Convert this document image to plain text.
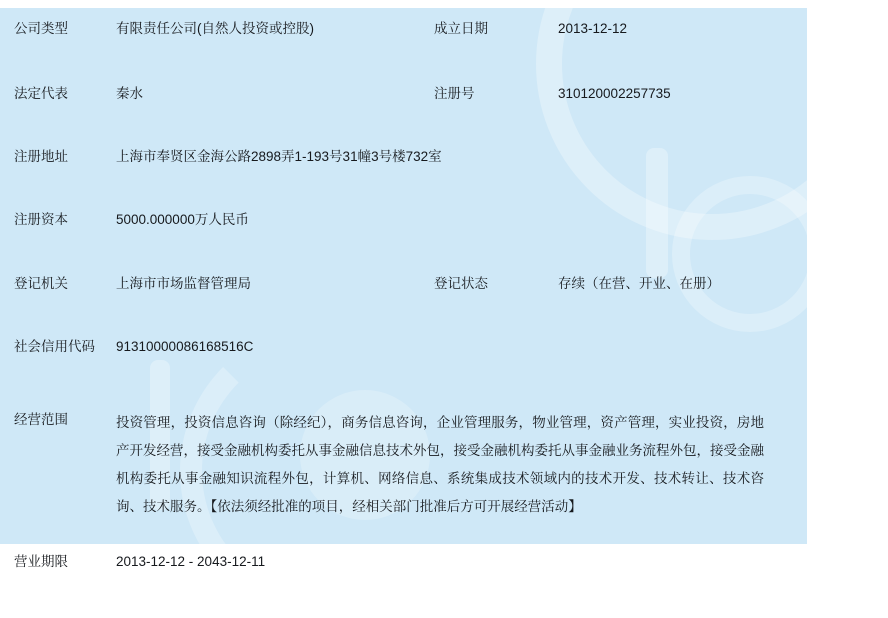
公司类型	有限责任公司(自然人投资或控股)	成立日期	2013-12-12
法定代表	秦水	注册号	310120002257735
注册地址	上海市奉贤区金海公路2898弄1-193号31幢3号楼732室
注册资本	5000.000000万人民币
登记机关	上海市市场监督管理局	登记状态	存续（在营、开业、在册）
社会信用代码	91310000086168516C
经营范围	投资管理，投资信息咨询（除经纪），商务信息咨询，企业管理服务，物业管理，资产管理，实业投资，房地产开发经营，接受金融机构委托从事金融信息技术外包，接受金融机构委托从事金融业务流程外包，接受金融机构委托从事金融知识流程外包，计算机、网络信息、系统集成技术领域内的技术开发、技术转让、技术咨询、技术服务。【依法须经批准的项目，经相关部门批准后方可开展经营活动】
营业期限	2013-12-12 - 2043-12-11
